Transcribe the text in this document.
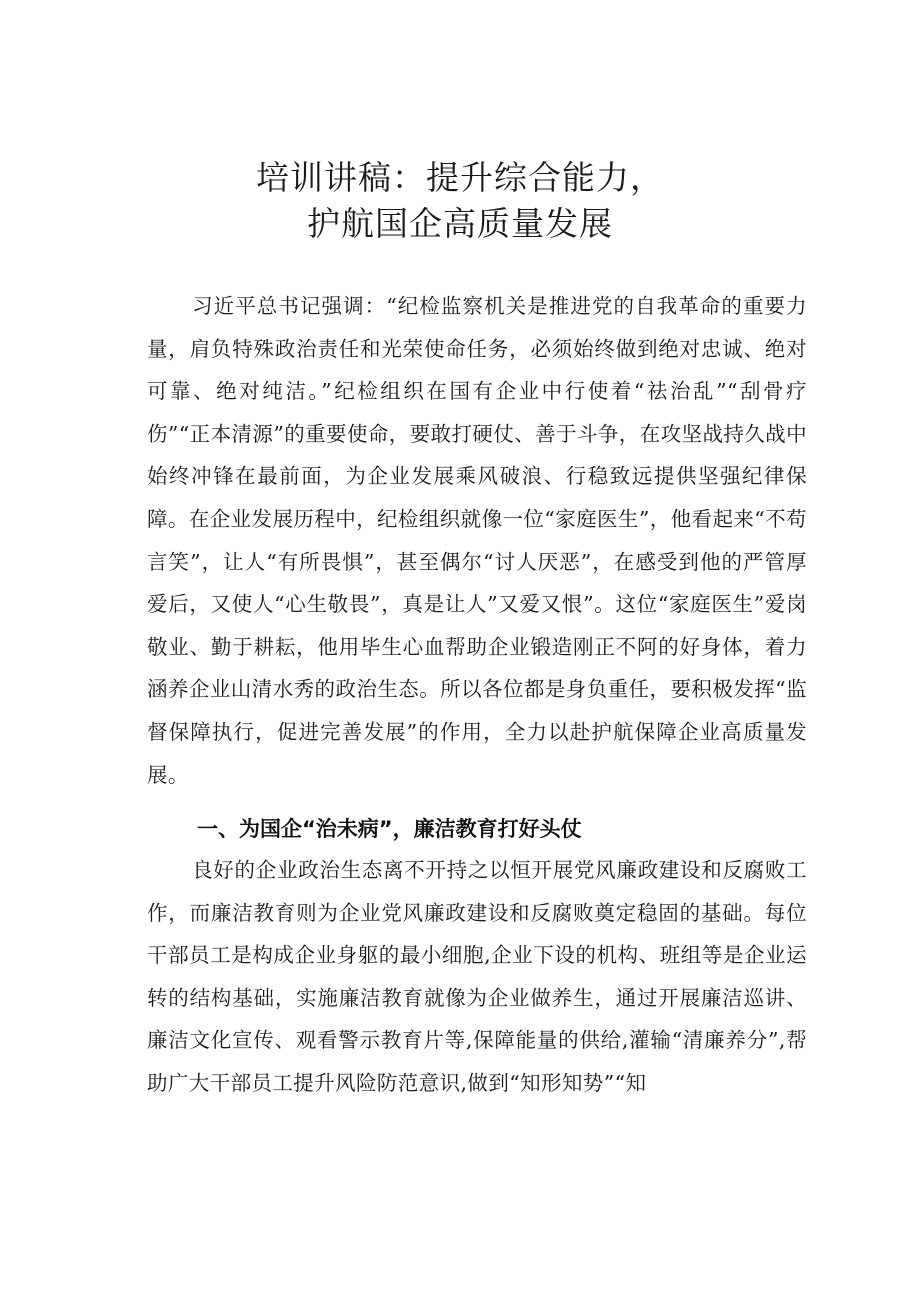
培训讲稿：提升综合能力，
护航国企高质量发展

习近平总书记强调：“纪检监察机关是推进党的自我革命的重要力量，肩负特殊政治责任和光荣使命任务，必须始终做到绝对忠诚、绝对可靠、绝对纯洁。”纪检组织在国有企业中行使着“祛治乱”“刮骨疗伤”“正本清源”的重要使命，要敢打硬仗、善于斗争，在攻坚战持久战中始终冲锋在最前面，为企业发展乘风破浪、行稳致远提供坚强纪律保障。在企业发展历程中，纪检组织就像一位“家庭医生”，他看起来“不苟言笑”，让人“有所畏惧”，甚至偶尔“讨人厌恶”，在感受到他的严管厚爱后，又使人“心生敬畏”，真是让人”又爱又恨”。这位“家庭医生”爱岗敬业、勤于耕耘，他用毕生心血帮助企业锻造刚正不阿的好身体，着力涵养企业山清水秀的政治生态。所以各位都是身负重任，要积极发挥“监督保障执行，促进完善发展”的作用，全力以赴护航保障企业高质量发展。

一、为国企“治未病”，廉洁教育打好头仗

良好的企业政治生态离不开持之以恒开展党风廉政建设和反腐败工作，而廉洁教育则为企业党风廉政建设和反腐败奠定稳固的基础。每位干部员工是构成企业身躯的最小细胞,企业下设的机构、班组等是企业运转的结构基础，实施廉洁教育就像为企业做养生，通过开展廉洁巡讲、廉洁文化宣传、观看警示教育片等,保障能量的供给,灌输“清廉养分”,帮助广大干部员工提升风险防范意识,做到“知形知势”“知
